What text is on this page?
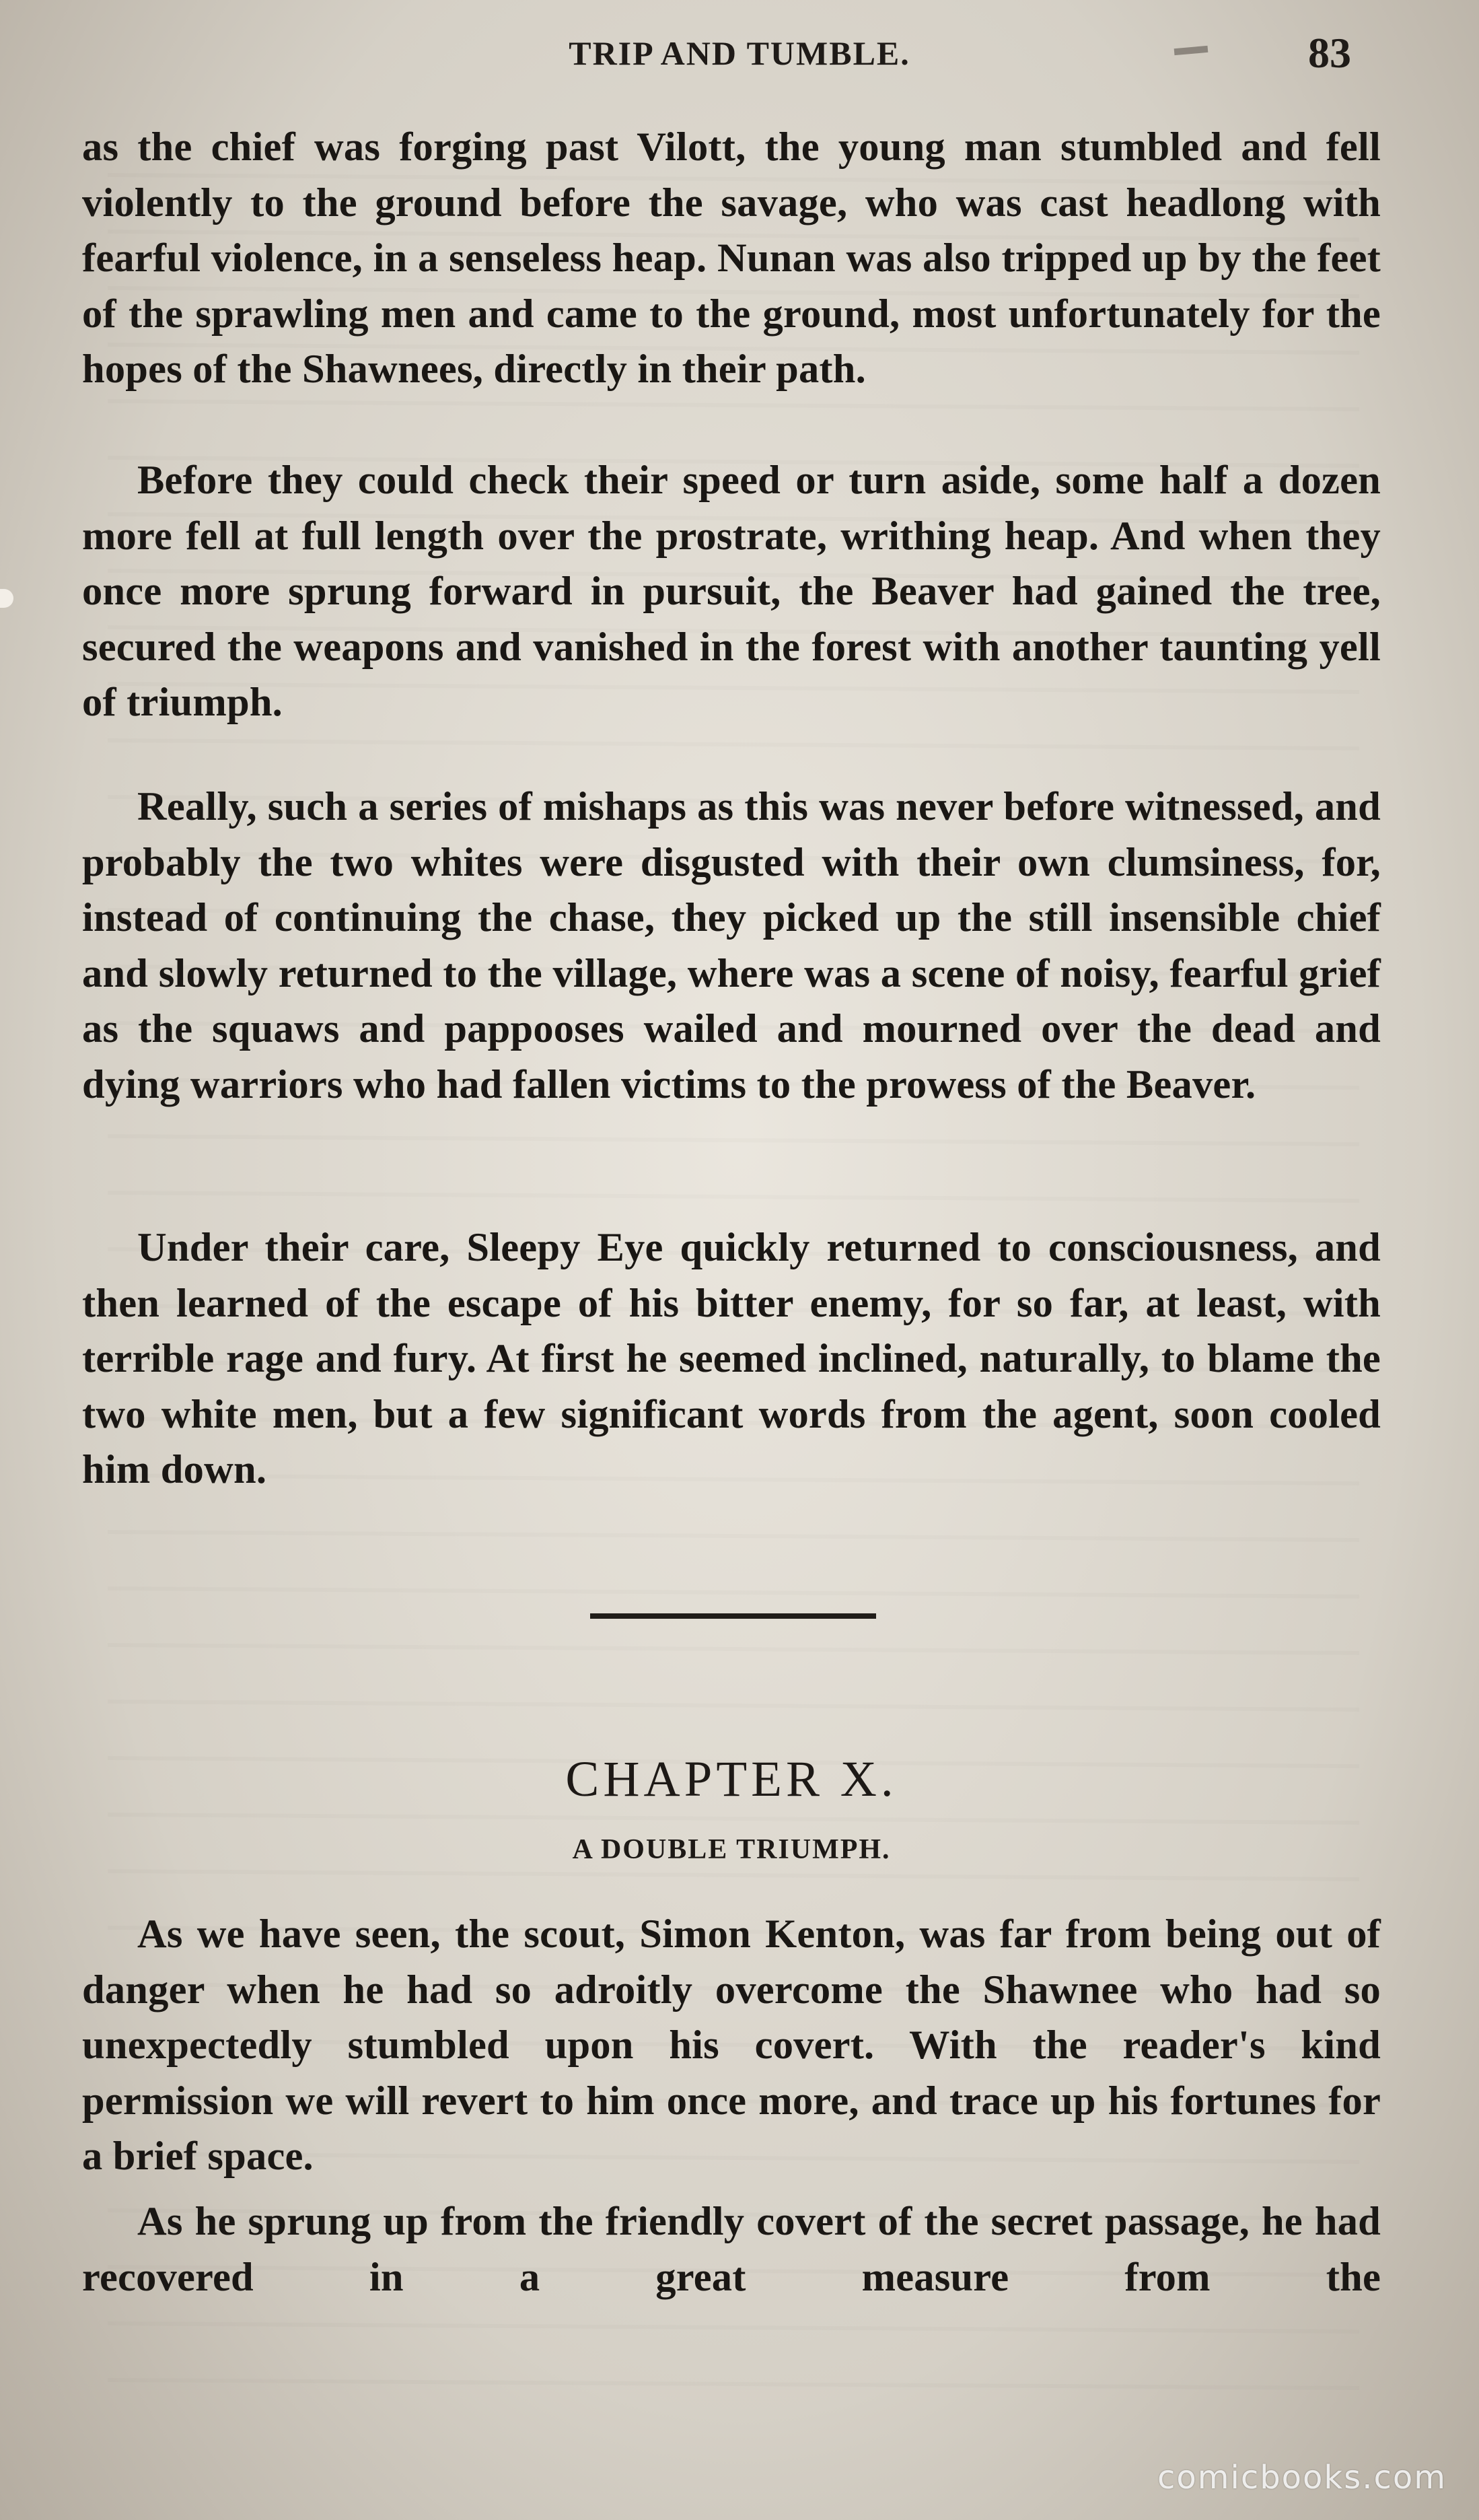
TRIP AND TUMBLE.	83

as the chief was forging past Vilott, the young man stumbled and fell violently to the ground before the savage, who was cast headlong with fearful violence, in a senseless heap. Nunan was also tripped up by the feet of the sprawling men and came to the ground, most unfortunately for the hopes of the Shawnees, directly in their path.

Before they could check their speed or turn aside, some half a dozen more fell at full length over the prostrate, writhing heap. And when they once more sprung forward in pursuit, the Beaver had gained the tree, secured the weapons and vanished in the forest with another taunting yell of triumph.

Really, such a series of mishaps as this was never before witnessed, and probably the two whites were disgusted with their own clumsiness, for, instead of continuing the chase, they picked up the still insensible chief and slowly returned to the village, where was a scene of noisy, fearful grief as the squaws and pappooses wailed and mourned over the dead and dying warriors who had fallen victims to the prowess of the Beaver.

Under their care, Sleepy Eye quickly returned to consciousness, and then learned of the escape of his bitter enemy, for so far, at least, with terrible rage and fury. At first he seemed inclined, naturally, to blame the two white men, but a few significant words from the agent, soon cooled him down.

CHAPTER X.
A DOUBLE TRIUMPH.

As we have seen, the scout, Simon Kenton, was far from being out of danger when he had so adroitly overcome the Shawnee who had so unexpectedly stumbled upon his covert. With the reader's kind permission we will revert to him once more, and trace up his fortunes for a brief space.

As he sprung up from the friendly covert of the secret passage, he had recovered in a great measure from the

comicbooks.com
